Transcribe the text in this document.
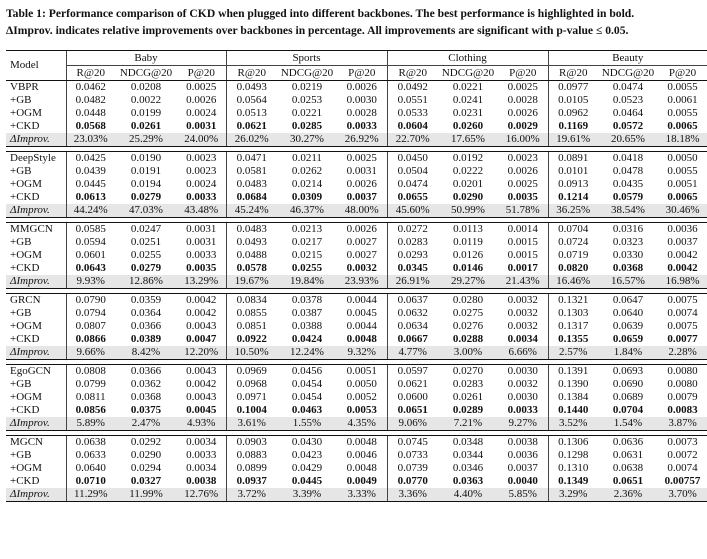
Table 1: Performance comparison of CKD when plugged into different backbones. The best performance is highlighted in bold.
ΔImprov. indicates relative improvements over backbones in percentage. All improvements are significant with p-value ≤ 0.05.
Model	Baby			Sports			Clothing			Beauty		
	R@20	NDCG@20	P@20	R@20	NDCG@20	P@20	R@20	NDCG@20	P@20	R@20	NDCG@20	P@20
VBPR	0.0462	0.0208	0.0025	0.0493	0.0219	0.0026	0.0492	0.0221	0.0025	0.0977	0.0474	0.0055
+GB	0.0482	0.0022	0.0026	0.0564	0.0253	0.0030	0.0551	0.0241	0.0028	0.0105	0.0523	0.0061
+OGM	0.0448	0.0199	0.0024	0.0513	0.0221	0.0028	0.0533	0.0231	0.0026	0.0962	0.0464	0.0055
+CKD	0.0568	0.0261	0.0031	0.0621	0.0285	0.0033	0.0604	0.0260	0.0029	0.1169	0.0572	0.0065
ΔImprov.	23.03%	25.29%	24.00%	26.02%	30.27%	26.92%	22.70%	17.65%	16.00%	19.61%	20.65%	18.18%

DeepStyle	0.0425	0.0190	0.0023	0.0471	0.0211	0.0025	0.0450	0.0192	0.0023	0.0891	0.0418	0.0050
+GB	0.0439	0.0191	0.0023	0.0581	0.0262	0.0031	0.0504	0.0222	0.0026	0.0101	0.0478	0.0055
+OGM	0.0445	0.0194	0.0024	0.0483	0.0214	0.0026	0.0474	0.0201	0.0025	0.0913	0.0435	0.0051
+CKD	0.0613	0.0279	0.0033	0.0684	0.0309	0.0037	0.0655	0.0290	0.0035	0.1214	0.0579	0.0065
ΔImprov.	44.24%	47.03%	43.48%	45.24%	46.37%	48.00%	45.60%	50.99%	51.78%	36.25%	38.54%	30.46%

MMGCN	0.0585	0.0247	0.0031	0.0483	0.0213	0.0026	0.0272	0.0113	0.0014	0.0704	0.0316	0.0036
+GB	0.0594	0.0251	0.0031	0.0493	0.0217	0.0027	0.0283	0.0119	0.0015	0.0724	0.0323	0.0037
+OGM	0.0601	0.0255	0.0033	0.0488	0.0215	0.0027	0.0293	0.0126	0.0015	0.0719	0.0330	0.0042
+CKD	0.0643	0.0279	0.0035	0.0578	0.0255	0.0032	0.0345	0.0146	0.0017	0.0820	0.0368	0.0042
ΔImprov.	9.93%	12.86%	13.29%	19.67%	19.84%	23.93%	26.91%	29.27%	21.43%	16.46%	16.57%	16.98%

GRCN	0.0790	0.0359	0.0042	0.0834	0.0378	0.0044	0.0637	0.0280	0.0032	0.1321	0.0647	0.0075
+GB	0.0794	0.0364	0.0042	0.0855	0.0387	0.0045	0.0632	0.0275	0.0032	0.1303	0.0640	0.0074
+OGM	0.0807	0.0366	0.0043	0.0851	0.0388	0.0044	0.0634	0.0276	0.0032	0.1317	0.0639	0.0075
+CKD	0.0866	0.0389	0.0047	0.0922	0.0424	0.0048	0.0667	0.0288	0.0034	0.1355	0.0659	0.0077
ΔImprov.	9.66%	8.42%	12.20%	10.50%	12.24%	9.32%	4.77%	3.00%	6.66%	2.57%	1.84%	2.28%

EgoGCN	0.0808	0.0366	0.0043	0.0969	0.0456	0.0051	0.0597	0.0270	0.0030	0.1391	0.0693	0.0080
+GB	0.0799	0.0362	0.0042	0.0968	0.0454	0.0050	0.0621	0.0283	0.0032	0.1390	0.0690	0.0080
+OGM	0.0811	0.0368	0.0043	0.0971	0.0454	0.0052	0.0600	0.0261	0.0030	0.1384	0.0689	0.0079
+CKD	0.0856	0.0375	0.0045	0.1004	0.0463	0.0053	0.0651	0.0289	0.0033	0.1440	0.0704	0.0083
ΔImprov.	5.89%	2.47%	4.93%	3.61%	1.55%	4.35%	9.06%	7.21%	9.27%	3.52%	1.54%	3.87%

MGCN	0.0638	0.0292	0.0034	0.0903	0.0430	0.0048	0.0745	0.0348	0.0038	0.1306	0.0636	0.0073
+GB	0.0633	0.0290	0.0033	0.0883	0.0423	0.0046	0.0733	0.0344	0.0036	0.1298	0.0631	0.0072
+OGM	0.0640	0.0294	0.0034	0.0899	0.0429	0.0048	0.0739	0.0346	0.0037	0.1310	0.0638	0.0074
+CKD	0.0710	0.0327	0.0038	0.0937	0.0445	0.0049	0.0770	0.0363	0.0040	0.1349	0.0651	0.00757
ΔImprov.	11.29%	11.99%	12.76%	3.72%	3.39%	3.33%	3.36%	4.40%	5.85%	3.29%	2.36%	3.70%
